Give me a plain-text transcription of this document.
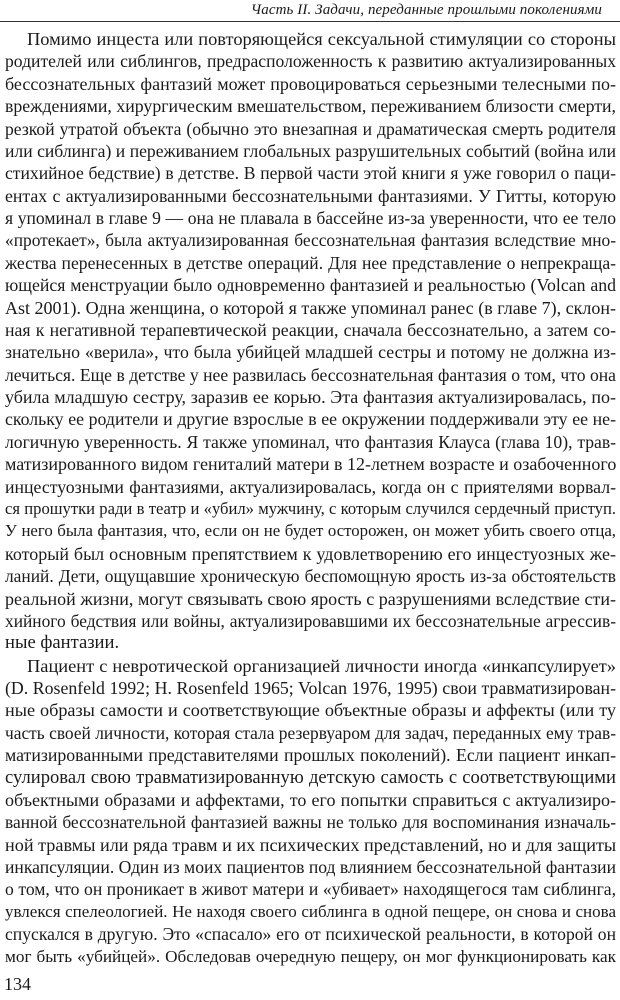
Часть II. Задачи, переданные прошлыми поколениями
Помимо инцеста или повторяющейся сексуальной стимуляции со стороны
родителей или сиблингов, предрасположенность к развитию актуализированных
бессознательных фантазий может провоцироваться серьезными телесными по-
вреждениями, хирургическим вмешательством, переживанием близости смерти,
резкой утратой объекта (обычно это внезапная и драматическая смерть родителя
или сиблинга) и переживанием глобальных разрушительных событий (война или
стихийное бедствие) в детстве. В первой части этой книги я уже говорил о паци-
ентах с актуализированными бессознательными фантазиями. У Гитты, которую
я упоминал в главе 9 — она не плавала в бассейне из-за уверенности, что ее тело
«протекает», была актуализированная бессознательная фантазия вследствие мно-
жества перенесенных в детстве операций. Для нее представление о непрекращa-
ющейся менструации было одновременно фантазией и реальностью (Volcan and
Ast 2001). Одна женщина, о которой я также упоминал ранес (в главе 7), склон-
ная к негативной терапевтической реакции, сначала бессознательно, а затем со-
знательно «верила», что была убийцей младшей сестры и потому не должна из-
лечиться. Еще в детстве у нее развилась бессознательная фантазия о том, что она
убила младшую сестру, заразив ее корью. Эта фантазия актуализировалась, по-
скольку ее родители и другие взрослые в ее окружении поддерживали эту ее не-
логичную уверенность. Я также упоминал, что фантазия Клауса (глава 10), трав-
матизированного видом гениталий матери в 12-летнем возрасте и озабоченного
инцестуозными фантазиями, актуализировалась, когда он с приятелями ворвал-
ся прошутки ради в театр и «убил» мужчину, с которым случился сердечный приступ.
У него была фантазия, что, если он не будет осторожен, он может убить своего отца,
который был основным препятствием к удовлетворению его инцестуозных же-
ланий. Дети, ощущавшие хроническую беспомощную ярость из-за обстоятельств
реальной жизни, могут связывать свою ярость с разрушениями вследствие сти-
хийного бедствия или войны, актуализировавшими их бессознательные агрессив-
ные фантазии.
Пациент с невротической организацией личности иногда «инкапсулирует»
(D. Rosenfeld 1992; H. Rosenfeld 1965; Volcan 1976, 1995) свои травматизирован-
ные образы самости и соответствующие объектные образы и аффекты (или ту
часть своей личности, которая стала резервуаром для задач, переданных ему трав-
матизированными представителями прошлых поколений). Если пациент инкап-
сулировал свою травматизированную детскую самость с соответствующими
объектными образами и аффектами, то его попытки справиться с актуализиро-
ванной бессознательной фантазией важны не только для воспоминания изначаль-
ной травмы или ряда травм и их психических представлений, но и для защиты
инкапсуляции. Один из моих пациентов под влиянием бессознательной фантазии
о том, что он проникает в живот матери и «убивает» находящегося там сиблинга,
увлекся спелеологией. Не находя своего сиблинга в одной пещере, он снова и снова
спускался в другую. Это «спасало» его от психической реальности, в которой он
мог быть «убийцей». Обследовав очередную пещеру, он мог функционировать как
134
